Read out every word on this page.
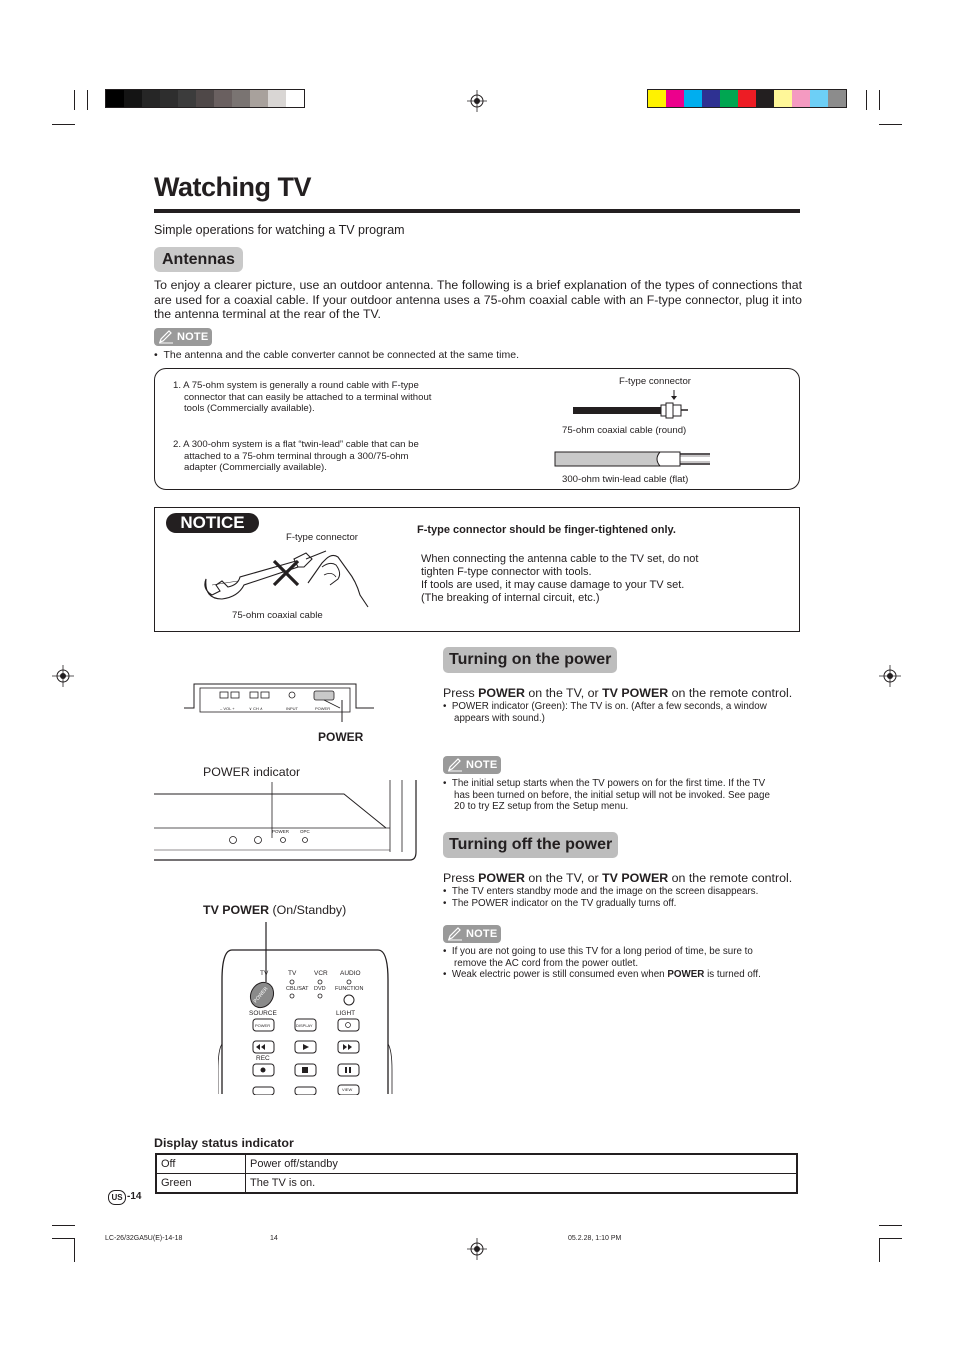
Watching TV
Simple operations for watching a TV program
Antennas
To enjoy a clearer picture, use an outdoor antenna. The following is a brief explanation of the types of connections that are used for a coaxial cable. If your outdoor antenna uses a 75-ohm coaxial cable with an F-type connector, plug it into the antenna terminal at the rear of the TV.
NOTE
•  The antenna and the cable converter cannot be connected at the same time.
1. A 75-ohm system is generally a round cable with F-type
connector that can easily be attached to a terminal without
tools (Commercially available).
2. A 300-ohm system is a flat “twin-lead” cable that can be
attached to a 75-ohm terminal through a 300/75-ohm
adapter (Commercially available).
F-type connector
75-ohm coaxial cable (round)
300-ohm twin-lead cable (flat)
NOTICE
F-type connector
75-ohm coaxial cable
F-type connector should be finger-tightened only.
When connecting the antenna cable to the TV set, do not
tighten F-type connector with tools.
If tools are used, it may cause damage to your TV set.
(The breaking of internal circuit, etc.)
– VOL +	∨ CH ∧	INPUT	POWER
POWER
POWER indicator
POWER OPC
TV POWER (On/Standby)
TV	TV	VCR AUDIO
CBL/SAT DVD FUNCTION
POWER
SOURCE	LIGHT
POWER	DISPLAY
REC
VIEW
Turning on the power
Press POWER on the TV, or TV POWER on the remote control.
•  POWER indicator (Green): The TV is on. (After a few seconds, a window
appears with sound.)
NOTE
•  The initial setup starts when the TV powers on for the first time. If the TV
has been turned on before, the initial setup will not be invoked. See page
20 to try EZ setup from the Setup menu.
Turning off the power
Press POWER on the TV, or TV POWER on the remote control.
•  The TV enters standby mode and the image on the screen disappears.
•  The POWER indicator on the TV gradually turns off.
NOTE
•  If you are not going to use this TV for a long period of time, be sure to
remove the AC cord from the power outlet.
•  Weak electric power is still consumed even when POWER is turned off.
Display status indicator
Off	Power off/standby
Green	The TV is on.
US -14
LC-26/32GA5U(E)-14-18	14	05.2.28, 1:10 PM
